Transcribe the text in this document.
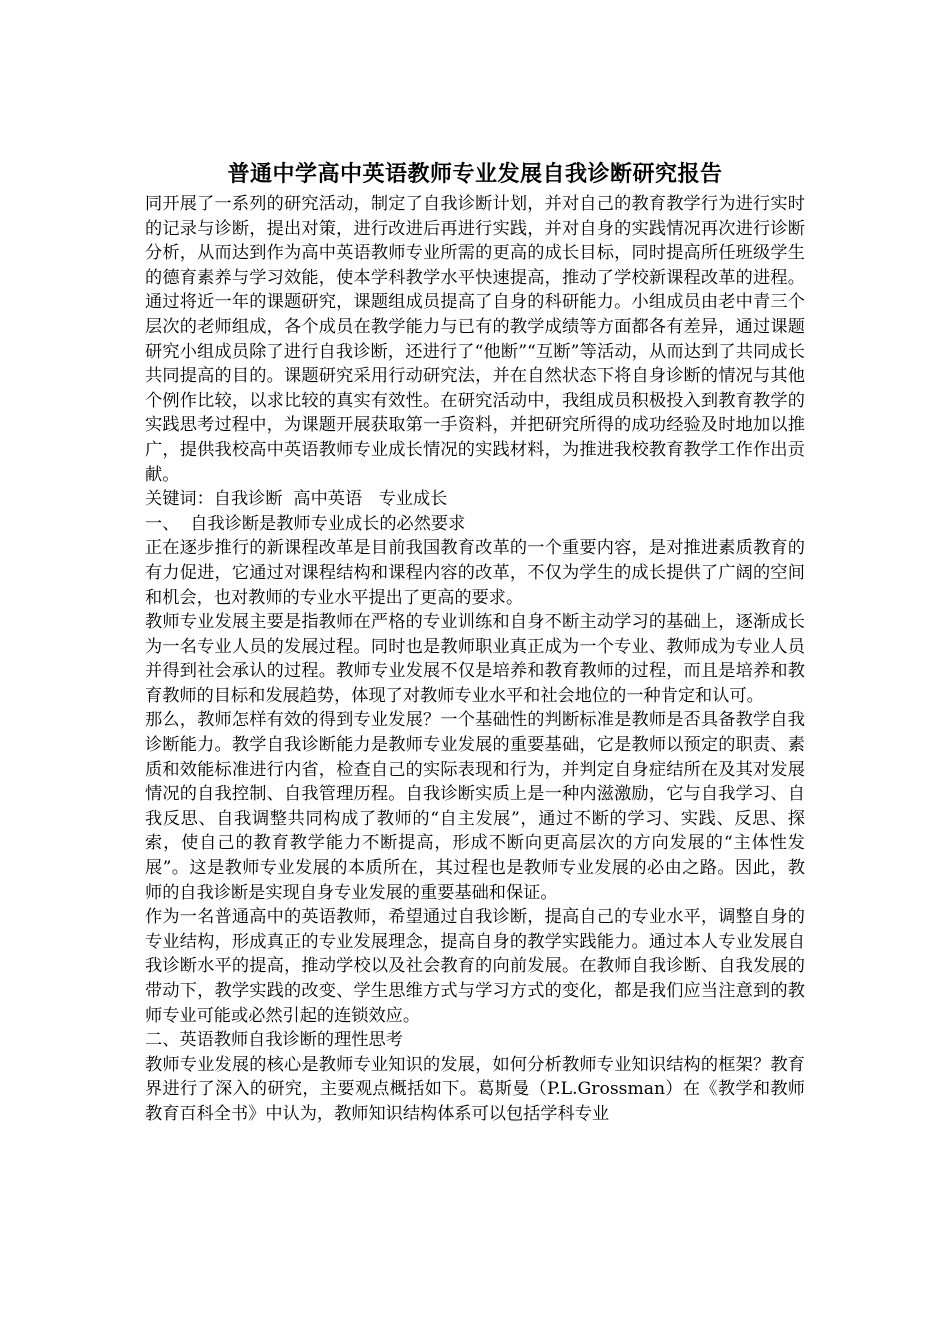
普通中学高中英语教师专业发展自我诊断研究报告

同开展了一系列的研究活动，制定了自我诊断计划，并对自己的教育教学行为进行实时的记录与诊断，提出对策，进行改进后再进行实践，并对自身的实践情况再次进行诊断分析，从而达到作为高中英语教师专业所需的更高的成长目标，同时提高所任班级学生的德育素养与学习效能，使本学科教学水平快速提高，推动了学校新课程改革的进程。通过将近一年的课题研究，课题组成员提高了自身的科研能力。小组成员由老中青三个层次的老师组成，各个成员在教学能力与已有的教学成绩等方面都各有差异，通过课题研究小组成员除了进行自我诊断，还进行了“他断”“互断”等活动，从而达到了共同成长共同提高的目的。课题研究采用行动研究法，并在自然状态下将自身诊断的情况与其他个例作比较，以求比较的真实有效性。在研究活动中，我组成员积极投入到教育教学的实践思考过程中，为课题开展获取第一手资料，并把研究所得的成功经验及时地加以推广，提供我校高中英语教师专业成长情况的实践材料，为推进我校教育教学工作作出贡献。

关键词：自我诊断  高中英语   专业成长

一、  自我诊断是教师专业成长的必然要求

正在逐步推行的新课程改革是目前我国教育改革的一个重要内容，是对推进素质教育的有力促进，它通过对课程结构和课程内容的改革，不仅为学生的成长提供了广阔的空间和机会，也对教师的专业水平提出了更高的要求。

教师专业发展主要是指教师在严格的专业训练和自身不断主动学习的基础上，逐渐成长为一名专业人员的发展过程。同时也是教师职业真正成为一个专业、教师成为专业人员并得到社会承认的过程。教师专业发展不仅是培养和教育教师的过程，而且是培养和教育教师的目标和发展趋势，体现了对教师专业水平和社会地位的一种肯定和认可。

那么，教师怎样有效的得到专业发展？一个基础性的判断标准是教师是否具备教学自我诊断能力。教学自我诊断能力是教师专业发展的重要基础，它是教师以预定的职责、素质和效能标准进行内省，检查自己的实际表现和行为，并判定自身症结所在及其对发展情况的自我控制、自我管理历程。自我诊断实质上是一种内滋激励，它与自我学习、自我反思、自我调整共同构成了教师的“自主发展”，通过不断的学习、实践、反思、探索，使自己的教育教学能力不断提高，形成不断向更高层次的方向发展的“主体性发展”。这是教师专业发展的本质所在，其过程也是教师专业发展的必由之路。因此，教师的自我诊断是实现自身专业发展的重要基础和保证。

作为一名普通高中的英语教师，希望通过自我诊断，提高自己的专业水平，调整自身的专业结构，形成真正的专业发展理念，提高自身的教学实践能力。通过本人专业发展自我诊断水平的提高，推动学校以及社会教育的向前发展。在教师自我诊断、自我发展的带动下，教学实践的改变、学生思维方式与学习方式的变化，都是我们应当注意到的教师专业可能或必然引起的连锁效应。

二、英语教师自我诊断的理性思考

教师专业发展的核心是教师专业知识的发展，如何分析教师专业知识结构的框架？教育界进行了深入的研究，主要观点概括如下。葛斯曼（P.L.Grossman）在《教学和教师教育百科全书》中认为，教师知识结构体系可以包括学科专业
